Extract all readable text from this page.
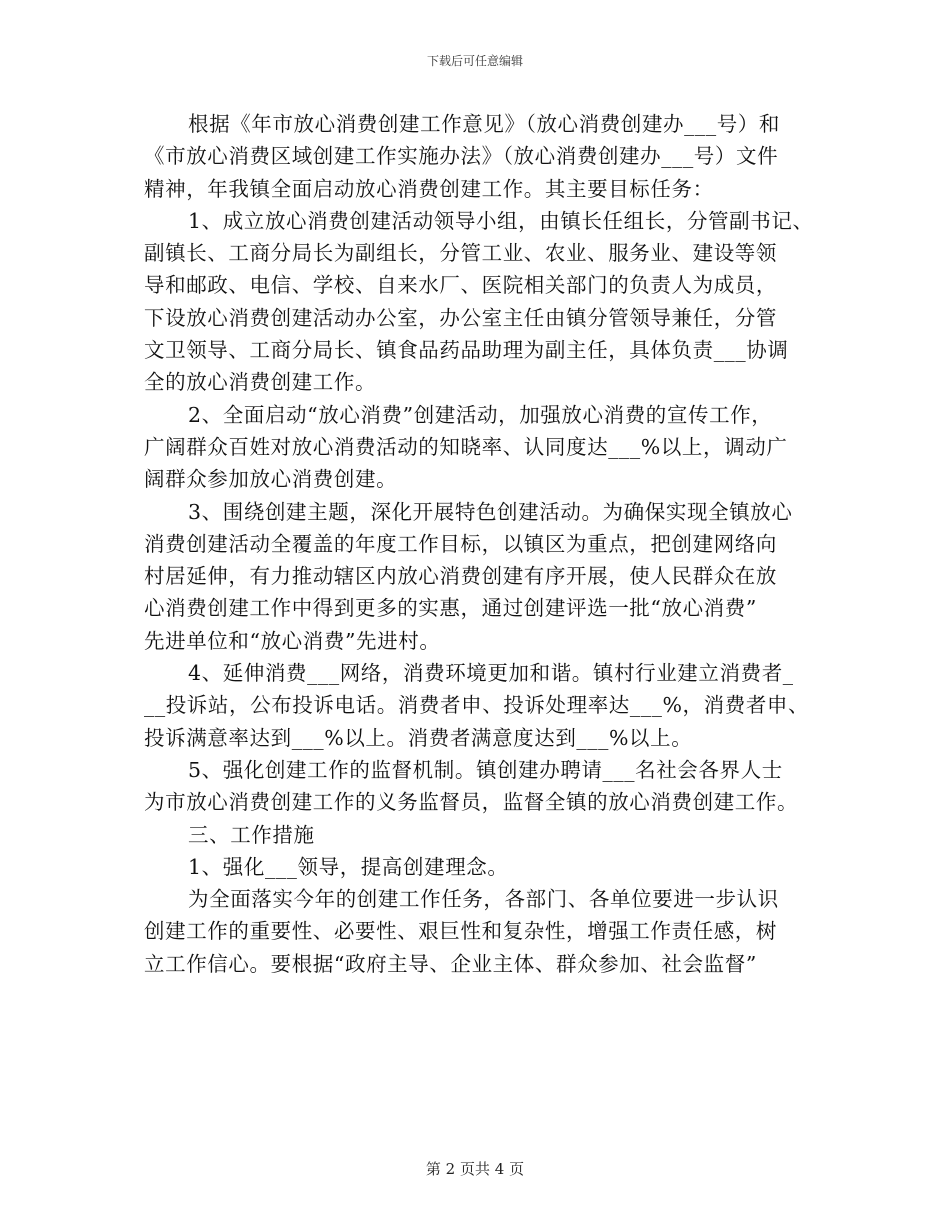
下载后可任意编辑
根据《年市放心消费创建工作意见》（放心消费创建办___号）和
《市放心消费区域创建工作实施办法》（放心消费创建办___号）文件
精神，年我镇全面启动放心消费创建工作。其主要目标任务：
1、成立放心消费创建活动领导小组，由镇长任组长，分管副书记、
副镇长、工商分局长为副组长，分管工业、农业、服务业、建设等领
导和邮政、电信、学校、自来水厂、医院相关部门的负责人为成员，
下设放心消费创建活动办公室，办公室主任由镇分管领导兼任，分管
文卫领导、工商分局长、镇食品药品助理为副主任，具体负责___协调
全的放心消费创建工作。
2、全面启动“放心消费”创建活动，加强放心消费的宣传工作，
广阔群众百姓对放心消费活动的知晓率、认同度达___%以上，调动广
阔群众参加放心消费创建。
3、围绕创建主题，深化开展特色创建活动。为确保实现全镇放心
消费创建活动全覆盖的年度工作目标，以镇区为重点，把创建网络向
村居延伸，有力推动辖区内放心消费创建有序开展，使人民群众在放
心消费创建工作中得到更多的实惠，通过创建评选一批“放心消费”
先进单位和“放心消费”先进村。
4、延伸消费___网络，消费环境更加和谐。镇村行业建立消费者_
__投诉站，公布投诉电话。消费者申、投诉处理率达___%，消费者申、
投诉满意率达到___%以上。消费者满意度达到___%以上。
5、强化创建工作的监督机制。镇创建办聘请___名社会各界人士
为市放心消费创建工作的义务监督员，监督全镇的放心消费创建工作。
三、工作措施
1、强化___领导，提高创建理念。
为全面落实今年的创建工作任务，各部门、各单位要进一步认识
创建工作的重要性、必要性、艰巨性和复杂性，增强工作责任感，树
立工作信心。要根据“政府主导、企业主体、群众参加、社会监督”
第 2 页共 4 页
